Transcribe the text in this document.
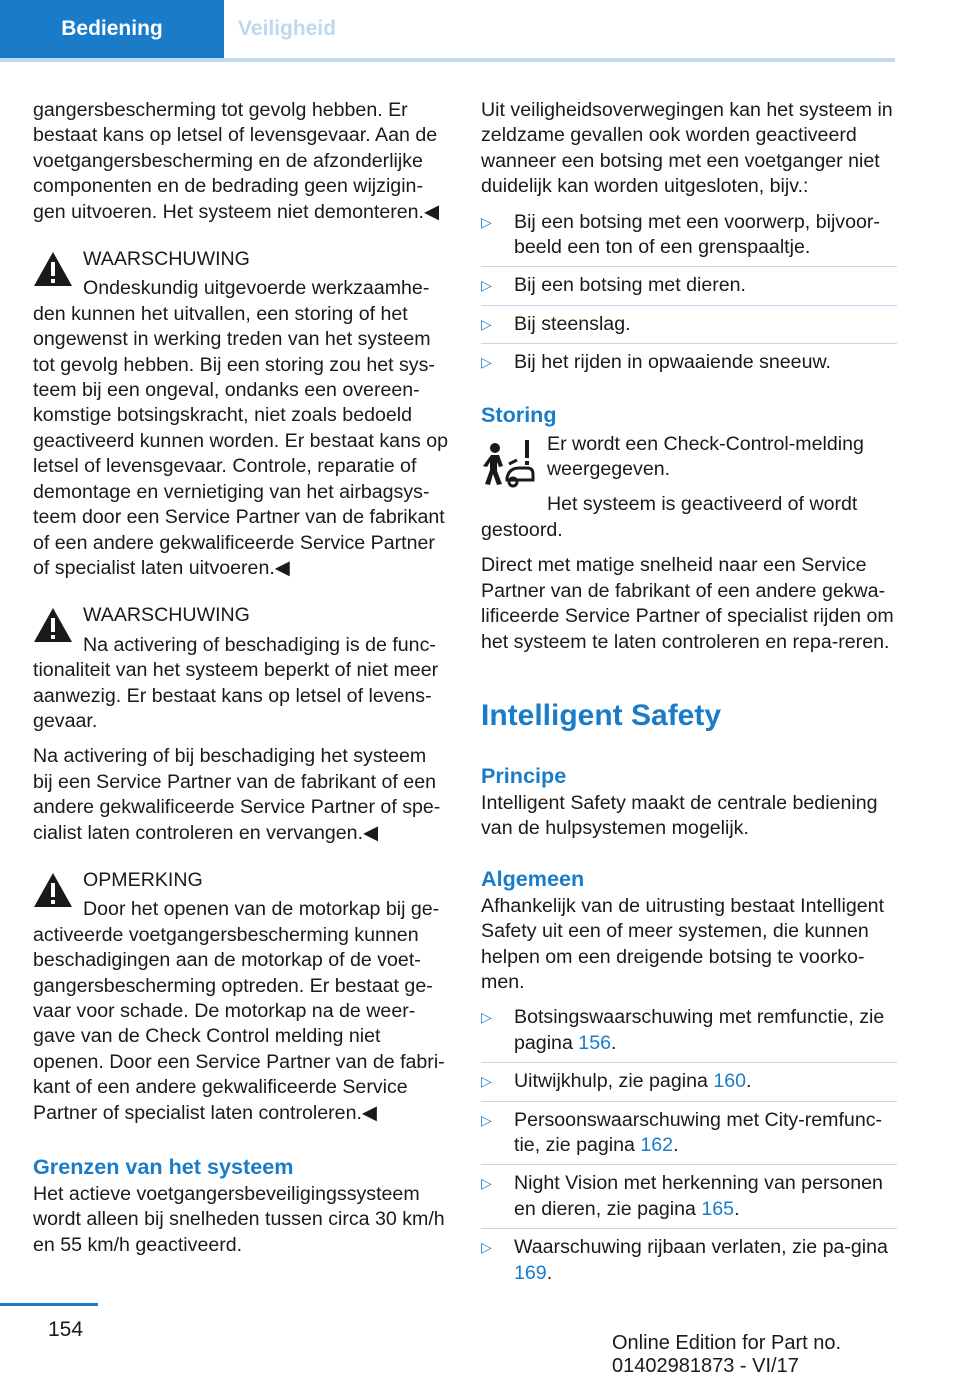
Bediening	Veiligheid

gangersbescherming tot gevolg hebben. Er bestaat kans op letsel of levensgevaar. Aan de voetgangersbescherming en de afzonderlijke componenten en de bedrading geen wijzigin-gen uitvoeren. Het systeem niet demonteren.◀

WAARSCHUWING

Ondeskundig uitgevoerde werkzaamhe-den kunnen het uitvallen, een storing of het ongewenst in werking treden van het systeem tot gevolg hebben. Bij een storing zou het sys-teem bij een ongeval, ondanks een overeen-komstige botsingskracht, niet zoals bedoeld geactiveerd kunnen worden. Er bestaat kans op letsel of levensgevaar. Controle, reparatie of demontage en vernietiging van het airbagsys-teem door een Service Partner van de fabrikant of een andere gekwalificeerde Service Partner of specialist laten uitvoeren.◀

WAARSCHUWING

Na activering of beschadiging is de func-tionaliteit van het systeem beperkt of niet meer aanwezig. Er bestaat kans op letsel of levens-gevaar.

Na activering of bij beschadiging het systeem bij een Service Partner van de fabrikant of een andere gekwalificeerde Service Partner of spe-cialist laten controleren en vervangen.◀

OPMERKING

Door het openen van de motorkap bij ge-activeerde voetgangersbescherming kunnen beschadigingen aan de motorkap of de voet-gangersbescherming optreden. Er bestaat ge-vaar voor schade. De motorkap na de weer-gave van de Check Control melding niet openen. Door een Service Partner van de fabri-kant of een andere gekwalificeerde Service Partner of specialist laten controleren.◀

Grenzen van het systeem

Het actieve voetgangersbeveiligingssysteem wordt alleen bij snelheden tussen circa 30 km/h en 55 km/h geactiveerd.

Uit veiligheidsoverwegingen kan het systeem in zeldzame gevallen ook worden geactiveerd wanneer een botsing met een voetganger niet duidelijk kan worden uitgesloten, bijv.:

▷ Bij een botsing met een voorwerp, bijvoor-beeld een ton of een grenspaaltje.
▷ Bij een botsing met dieren.
▷ Bij steenslag.
▷ Bij het rijden in opwaaiende sneeuw.
Storing

Er wordt een Check-Control-melding weergegeven.

Het systeem is geactiveerd of wordt gestoord.

Direct met matige snelheid naar een Service Partner van de fabrikant of een andere gekwa-lificeerde Service Partner of specialist rijden om het systeem te laten controleren en repa-reren.

Intelligent Safety
Principe

Intelligent Safety maakt de centrale bediening van de hulpsystemen mogelijk.

Algemeen

Afhankelijk van de uitrusting bestaat Intelligent Safety uit een of meer systemen, die kunnen helpen om een dreigende botsing te voorko-men.

▷ Botsingswaarschuwing met remfunctie, zie pagina 156.
▷ Uitwijkhulp, zie pagina 160.
▷ Persoonswaarschuwing met City-remfunc-tie, zie pagina 162.
▷ Night Vision met herkenning van personen en dieren, zie pagina 165.
▷ Waarschuwing rijbaan verlaten, zie pa-gina 169.
154
Online Edition for Part no. 01402981873 - VI/17
